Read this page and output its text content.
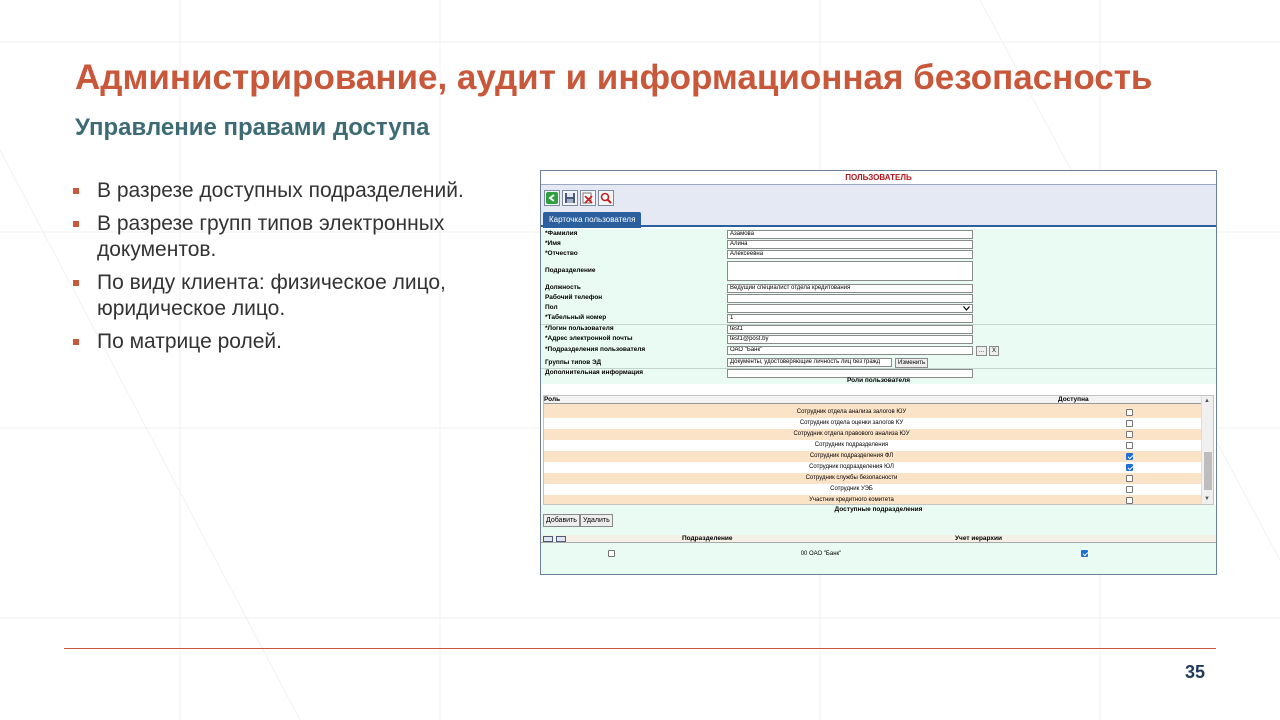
Администрирование, аудит и информационная безопасность
Управление правами доступа
В разрезе доступных подразделений.
В разрезе групп типов электронных документов.
По виду клиента: физическое лицо, юридическое лицо.
По матрице ролей.
ПОЛЬЗОВАТЕЛЬ
Карточка пользователя
*Фамилия	Азамова
*Имя	Алина
*Отчество	Алексеевна
Подразделение
Должность	Ведущий специалист отдела кредитования
Рабочий телефон
Пол
*Табельный номер	1
*Логин пользователя	test1
*Адрес электронной почты	test1@post.by
*Подразделения пользователя	ОАО "Банк"	...	X
Группы типов ЭД	Документы, удостоверяющие личность лиц без гражд	Изменить
Дополнительная информация
Роли пользователя
Роль	Доступна
Сотрудник отдела анализа залогов ЮУ
Сотрудник отдела оценки залогов КУ
Сотрудник отдела правового анализа ЮУ
Сотрудник подразделения
Сотрудник подразделения ФЛ
Сотрудник подразделения ЮЛ
Сотрудник службы безопасности
Сотрудник УЭБ
Участник кредитного комитета
▲
▼
Доступные подразделения
Добавить Удалить
Подразделение	Учет иерархии
00 ОАО "Банк"
35
